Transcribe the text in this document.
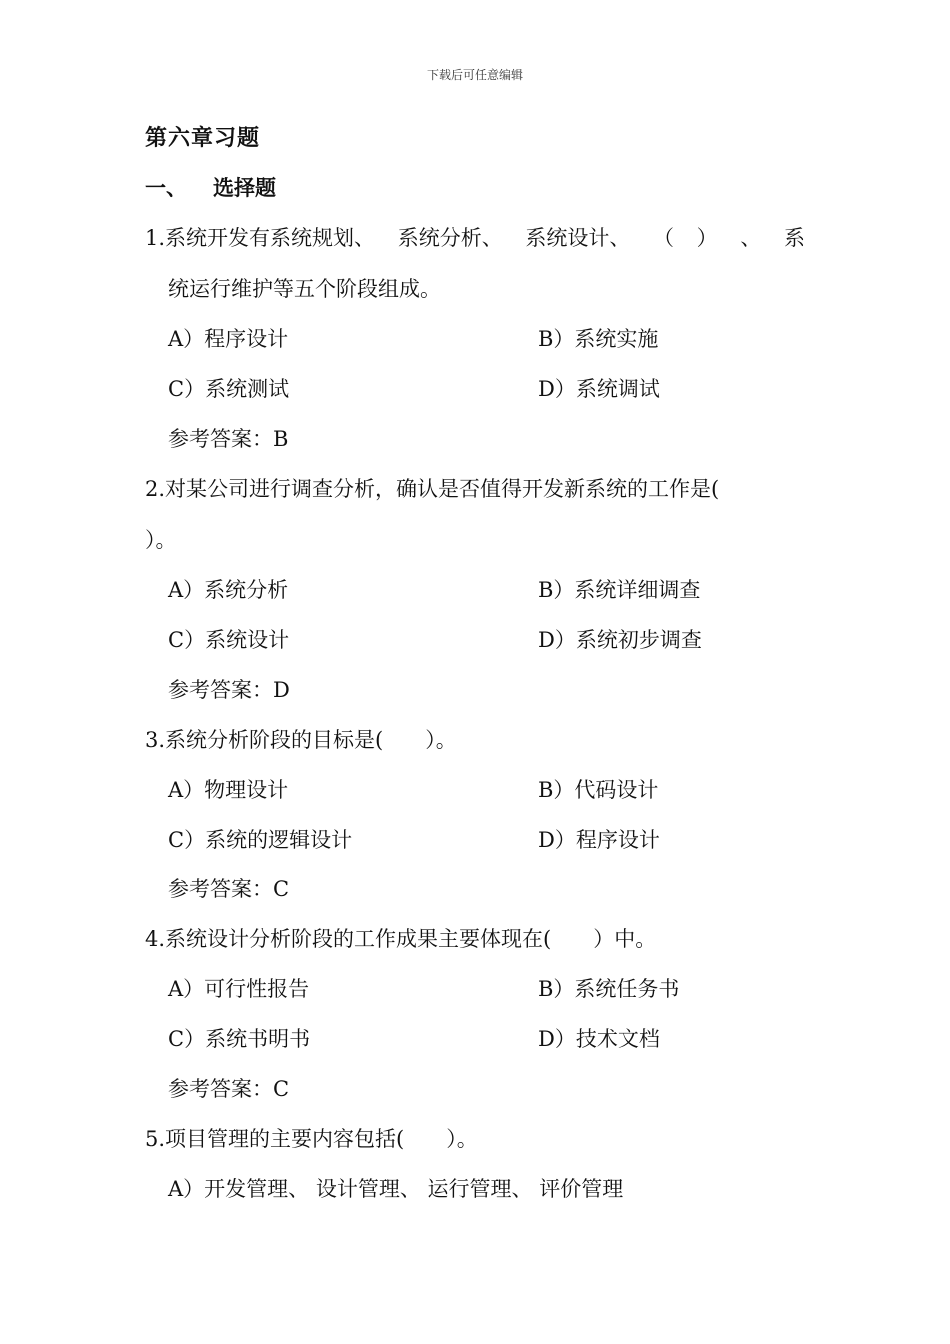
下载后可任意编辑
第六章习题
一、 选择题
1.系统开发有系统规划、 系统分析、 系统设计、 （ ） 、 系
统运行维护等五个阶段组成。
A）程序设计	B）系统实施
C）系统测试	D）系统调试
参考答案：B
2.对某公司进行调查分析，确认是否值得开发新系统的工作是(
）。
A）系统分析	B）系统详细调查
C）系统设计	D）系统初步调查
参考答案：D
3.系统分析阶段的目标是(　　）。
A）物理设计	B）代码设计
C）系统的逻辑设计	D）程序设计
参考答案：C
4.系统设计分析阶段的工作成果主要体现在(　　）中。
A）可行性报告	B）系统任务书
C）系统书明书	D）技术文档
参考答案：C
5.项目管理的主要内容包括(　　）。
A）开发管理、 设计管理、 运行管理、 评价管理
